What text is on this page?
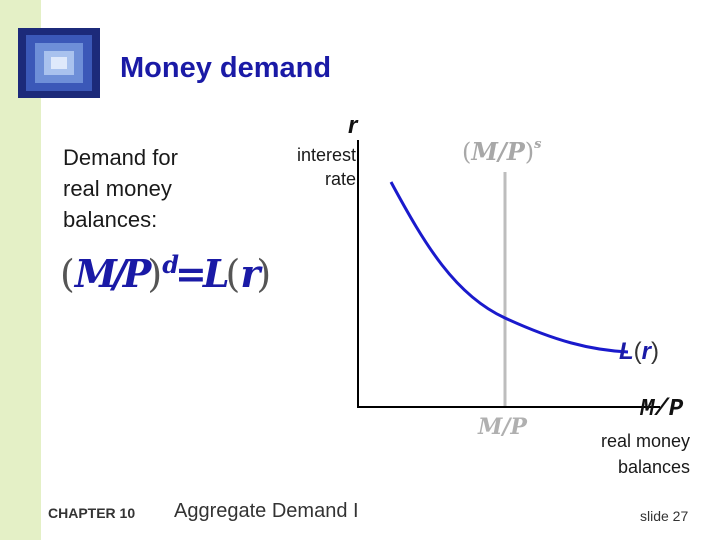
Money demand
Demand for
real money
balances:
$(M/P)^d=L(r)$
r
interest
rate
$(M/P)^s$
L(r)
M/P
M/P
real money
balances
CHAPTER 10 Aggregate Demand I	slide 27
